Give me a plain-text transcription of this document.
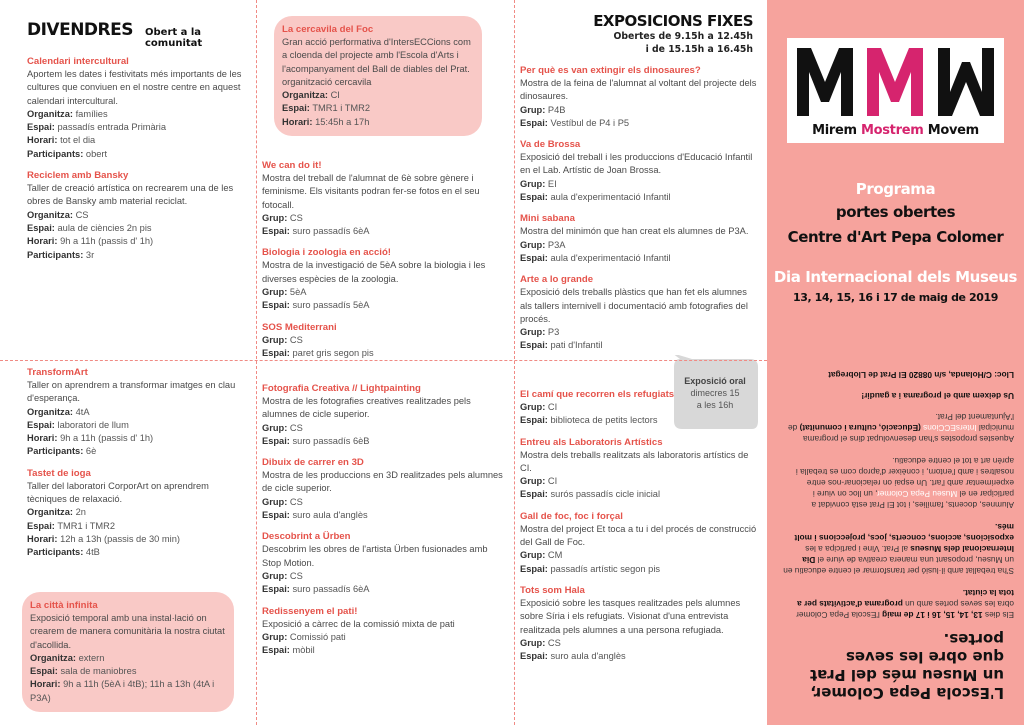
DIVENDRES Obert a la comunitat
Calendari intercultural
Aportem les dates i festivitats més importants de les cultures que conviuen en el nostre centre en aquest calendari intercultural.
Organitza: famílies
Espai: passadís entrada Primària
Horari: tot el dia
Participants: obert
Reciclem amb Bansky
Taller de creació artística on recrearem una de les obres de Bansky amb material reciclat.
Organitza: CS
Espai: aula de ciències 2n pis
Horari: 9h a 11h (passis d' 1h)
Participants: 3r
TransformArt
Taller on aprendrem a transformar imatges en clau d'esperança.
Organitza: 4tA
Espai: laboratori de llum
Horari: 9h a 11h (passis d' 1h)
Participants: 6è
Tastet de ioga
Taller del laboratori CorporArt on aprendrem tècniques de relaxació.
Organitza: 2n
Espai: TMR1 i TMR2
Horari: 12h a 13h (passis de 30 min)
Participants: 4tB
La città infinita
Exposició temporal amb una instal·lació on crearem de manera comunitària la nostra ciutat d'acollida.
Organitza: extern
Espai: sala de maniobres
Horari: 9h a 11h (5èA i 4tB); 11h a 13h (4tA i P3A)
La cercavila del Foc
Gran acció performativa d'IntersECCions com a cloenda del projecte amb l'Escola d'Arts i l'acompanyament del Ball de diables del Prat. organització cercavila
Organitza: CI
Espai: TMR1 i TMR2
Horari: 15:45h a 17h
We can do it!
Mostra del treball de l'alumnat de 6è sobre gènere i feminisme. Els visitants podran fer-se fotos en el seu fotocall.
Grup: CS
Espai: suro passadís 6èA
Biologia i zoologia en acció!
Mostra de la investigació de 5èA sobre la biologia i les diverses espècies de la zoologia.
Grup: 5èA
Espai: suro passadís 5èA
SOS Mediterrani
Grup: CS
Espai: paret gris segon pis
Fotografia Creativa // Lightpainting
Mostra de les fotografies creatives realitzades pels alumnes de cicle superior.
Grup: CS
Espai: suro passadís 6èB
Dibuix de carrer en 3D
Mostra de les produccions en 3D realitzades pels alumnes de cicle superior.
Grup: CS
Espai: suro aula d'anglès
Descobrint a Ürben
Descobrim les obres de l'artista Ürben fusionades amb Stop Motion.
Grup: CS
Espai: suro passadís 6èA
Redissenyem el pati!
Exposició a càrrec de la comissió mixta de pati
Grup: Comissió pati
Espai: mòbil
EXPOSICIONS FIXES
Obertes de 9.15h a 12.45h
i de 15.15h a 16.45h
Per què es van extingir els dinosaures?
Mostra de la feina de l'alumnat al voltant del projecte dels dinosaures.
Grup: P4B
Espai: Vestíbul de P4 i P5
Va de Brossa
Exposició del treball i les produccions d'Educació Infantil en el Lab. Artístic de Joan Brossa.
Grup: EI
Espai: aula d'experimentació Infantil
Mini sabana
Mostra del minimón que han creat els alumnes de P3A.
Grup: P3A
Espai: aula d'experimentació Infantil
Arte a lo grande
Exposició dels treballs plàstics que han fet els alumnes als tallers internivell i documentació amb fotografies del procés.
Grup: P3
Espai: pati d'Infantil
El camí que recorren els refugiats
Grup: CI
Espai: biblioteca de petits lectors
Entreu als Laboratoris Artístics
Mostra dels treballs realitzats als laboratoris artístics de CI.
Grup: CI
Espai: surós passadís cicle inicial
Gall de foc, foc i forçal
Mostra del project Et toca a tu i del procés de construcció del Gall de Foc.
Grup: CM
Espai: passadís artístic segon pis
Tots som Hala
Exposició sobre les tasques realitzades pels alumnes sobre Síria i els refugiats. Visionat d'una entrevista realitzada pels alumnes a una persona refugiada.
Grup: CS
Espai: suro aula d'anglès
Exposició oral
dimecres 15
a les 16h
Mirem Mostrem Movem
Programa
portes obertes
Centre d'Art Pepa Colomer
Dia Internacional dels Museus
13, 14, 15, 16 i 17 de maig de 2019
L'Escola Pepa Colomer, un Museu més del Prat que obre les seves portes.

Els dies 13, 14, 15, 16 i 17 de maig l'Escola Pepa Colomer obra les seves portes amb un programa d'activitats per a tota la ciutat.

S'ha treballat amb il·lusió per transformar el centre educatiu en un Museu, proposant una manera creativa de viure el Dia Internacional dels Museus al Prat. Vine i participa a les exposicions, accions, concerts, jocs, projeccions i molt més.

Alumnes, docents, famílies, i tot El Prat està convidat a participar en el Museu Pepa Colomer, un lloc on viure i experimentar amb l'art. Un espai on relacionar-nos entre nosaltres i amb l'entorn, i conèixer d'aprop com es treballa i aprèn art a tot el centre educatiu.

Aquestes propostes s'han desenvolupat dins el programa municipal IntersECCions (Educació, cultura i comunitat) de l'Ajuntament del Prat.

Us deixem amb el programa i a gaudir!

Lloc: C/Holanda, s/n 08820 El Prat de Llobregat
